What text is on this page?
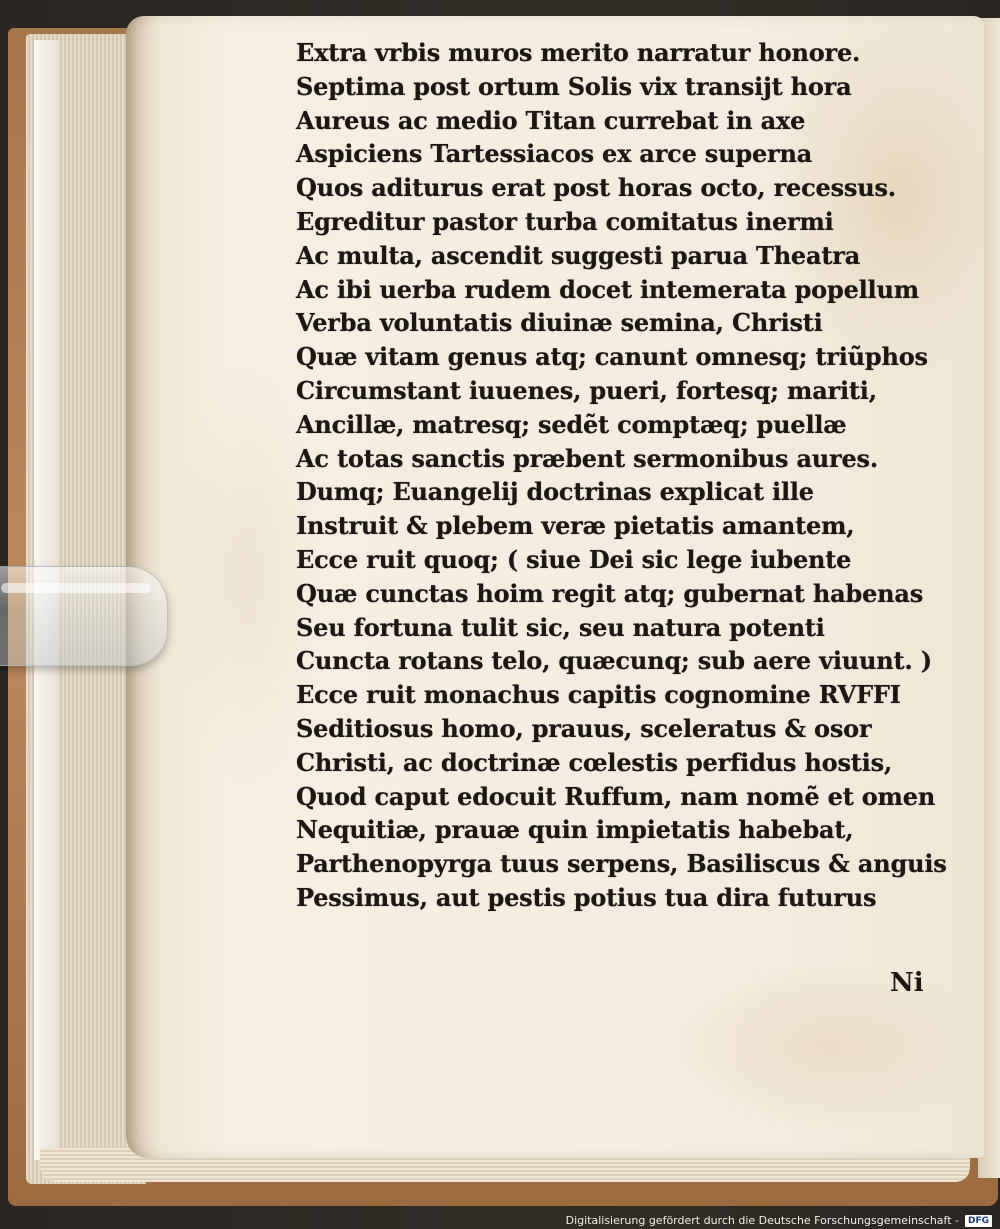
Extra vrbis muros merito narratur honore.
Septima post ortum Solis vix transijt hora
Aureus ac medio Titan currebat in axe
Aspiciens Tartessiacos ex arce superna
Quos aditurus erat post horas octo, recessus.
Egreditur pastor turba comitatus inermi
Ac multa, ascendit suggesti parua Theatra
Ac ibi uerba rudem docet intemerata popellum
Verba voluntatis diuinæ semina, Christi
Quæ vitam genus atq; canunt omnesq; triũphos
Circumstant iuuenes, pueri, fortesq; mariti,
Ancillæ, matresq; sedẽt comptæq; puellæ
Ac totas sanctis præbent sermonibus aures.
Dumq; Euangelij doctrinas explicat ille
Instruit & plebem veræ pietatis amantem,
Ecce ruit quoq; ( siue Dei sic lege iubente
Quæ cunctas hoim regit atq; gubernat habenas
Seu fortuna tulit sic, seu natura potenti
Cuncta rotans telo, quæcunq; sub aere viuunt. )
Ecce ruit monachus capitis cognomine RVFFI
Seditiosus homo, prauus, sceleratus & osor
Christi, ac doctrinæ cœlestis perfidus hostis,
Quod caput edocuit Ruffum, nam nomẽ et omen
Nequitiæ, prauæ quin impietatis habebat,
Parthenopyrga tuus serpens, Basiliscus & anguis
Pessimus, aut pestis potius tua dira futurus
Ni
Digitalisierung gefördert durch die Deutsche Forschungsgemeinschaft -	DFG
